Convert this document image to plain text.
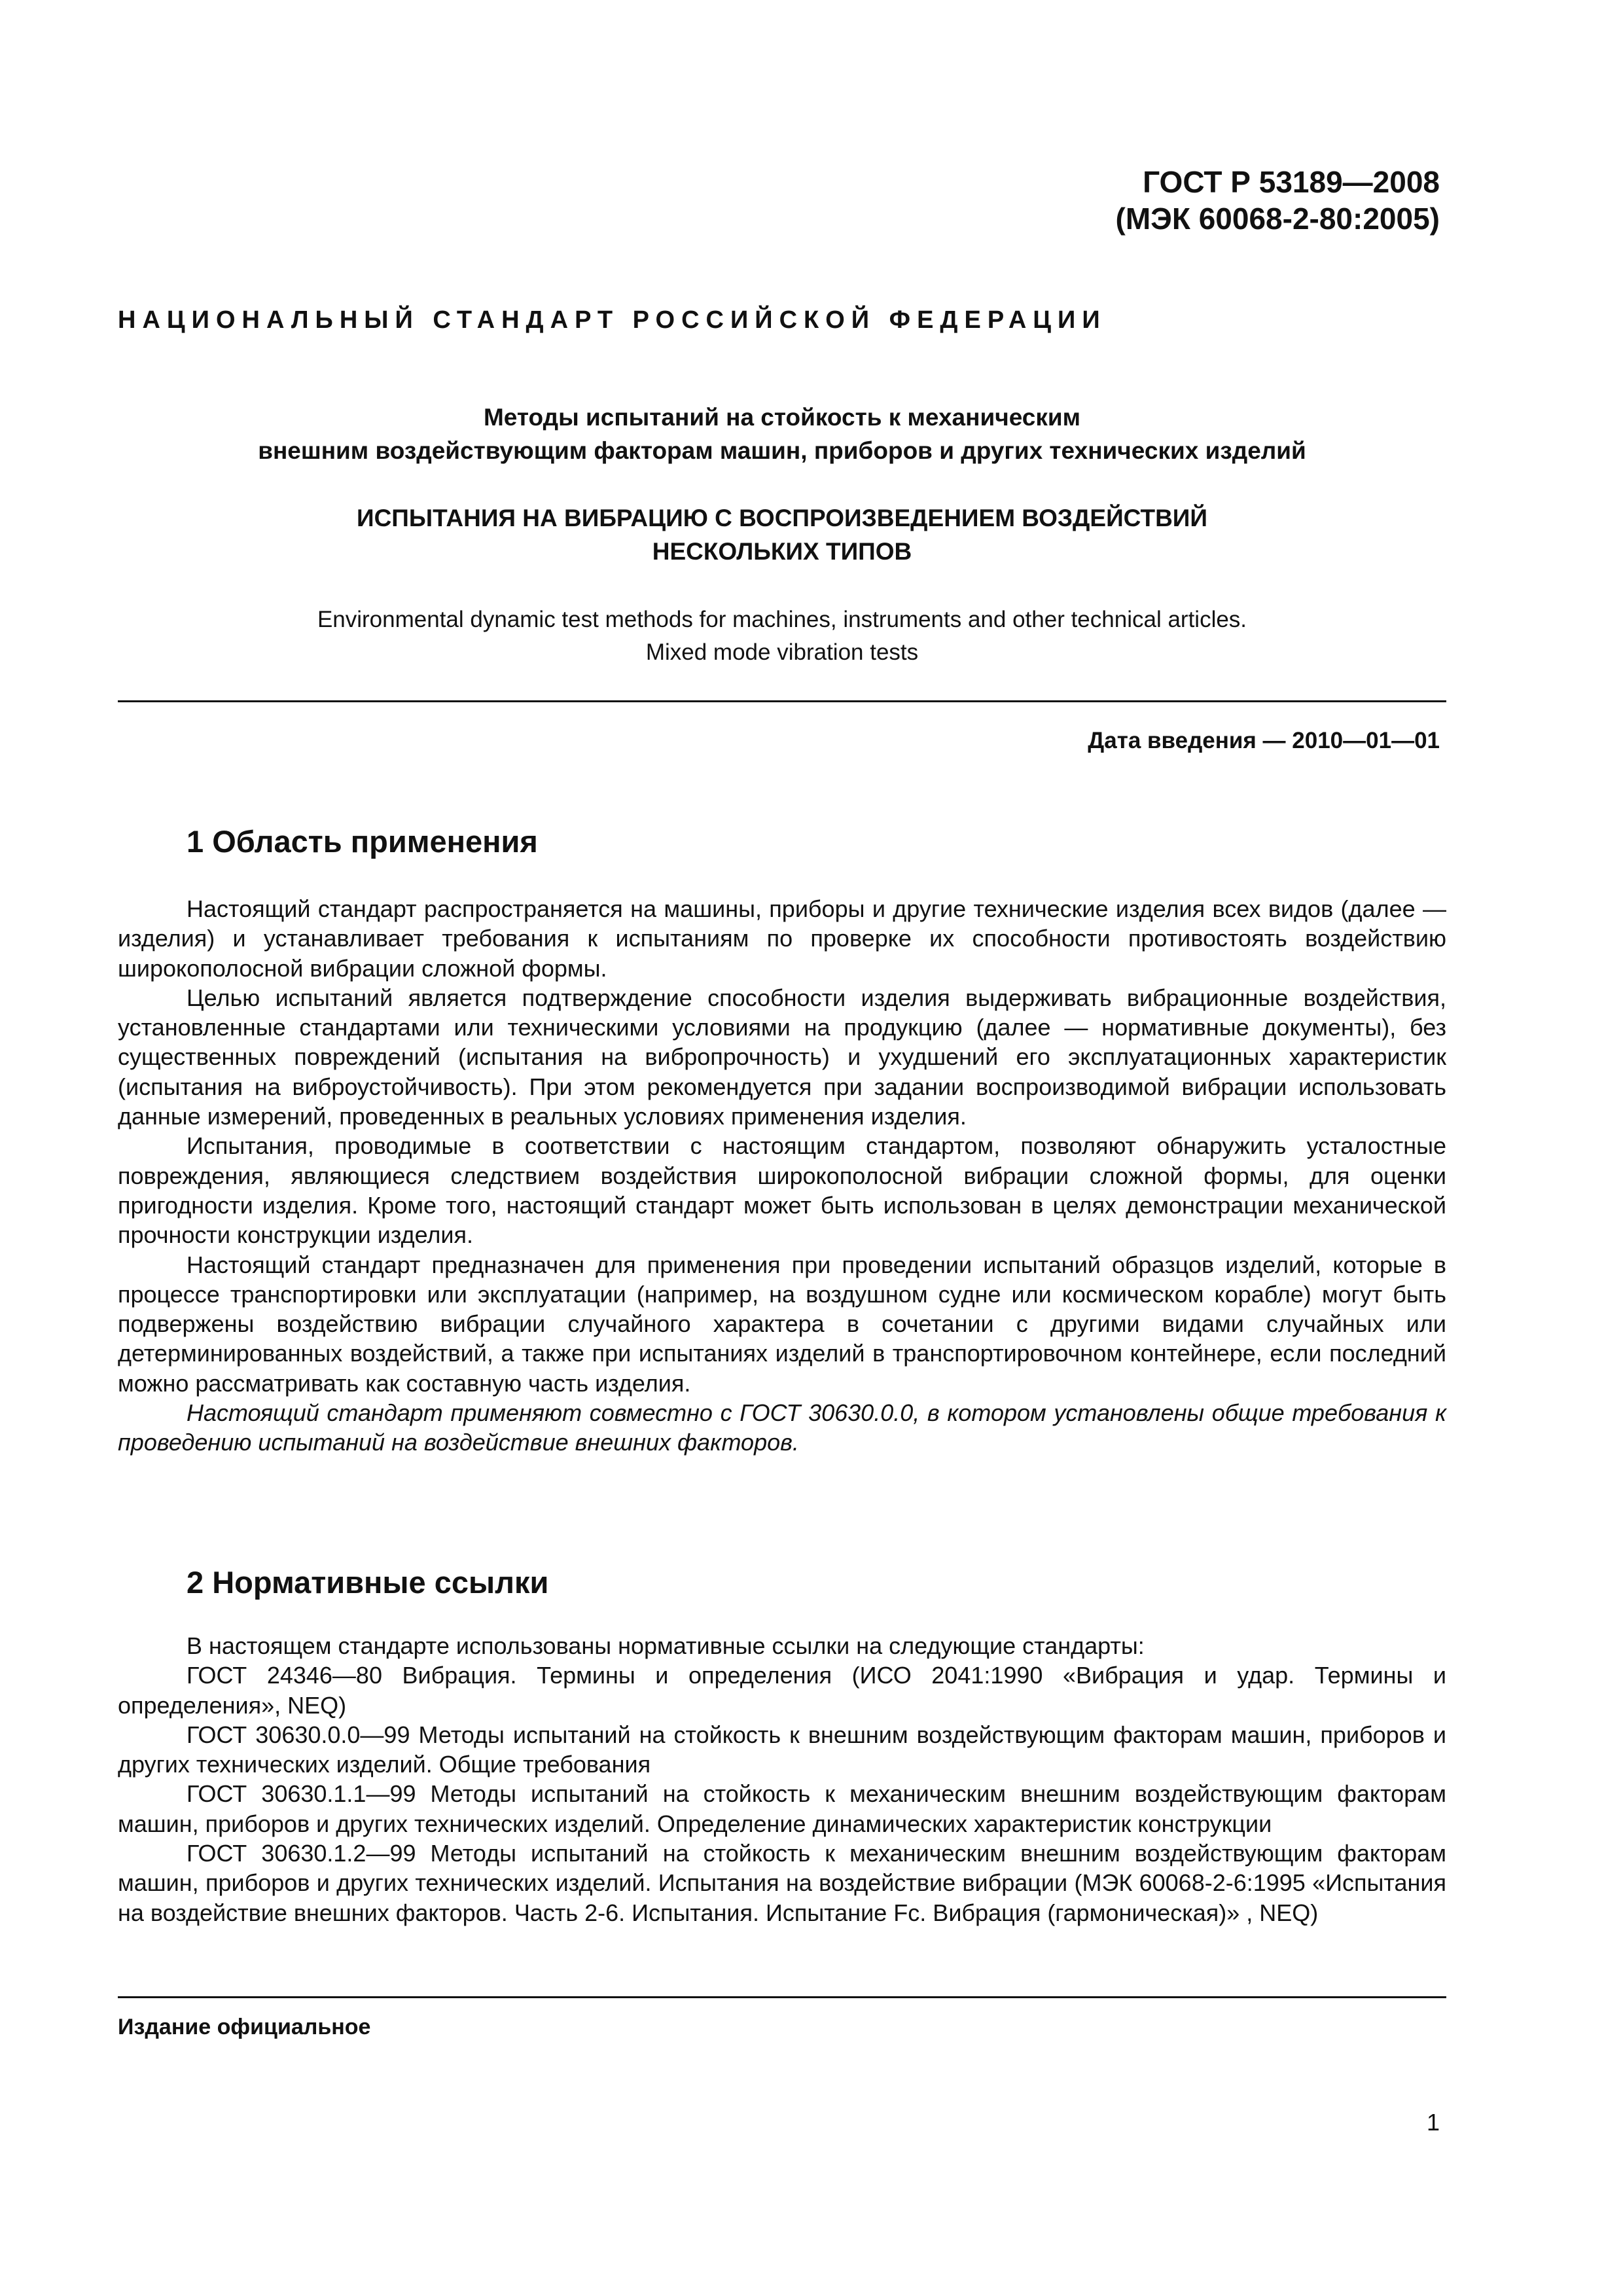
ГОСТ Р 53189—2008
(МЭК 60068-2-80:2005)
НАЦИОНАЛЬНЫЙ СТАНДАРТ РОССИЙСКОЙ ФЕДЕРАЦИИ
Методы испытаний на стойкость к механическим
внешним воздействующим факторам машин, приборов и других технических изделий
ИСПЫТАНИЯ НА ВИБРАЦИЮ С ВОСПРОИЗВЕДЕНИЕМ ВОЗДЕЙСТВИЙ
НЕСКОЛЬКИХ ТИПОВ
Environmental dynamic test methods for machines, instruments and other technical articles.
Mixed mode vibration tests
Дата введения — 2010—01—01
1 Область применения

Настоящий стандарт распространяется на машины, приборы и другие технические изделия всех видов (далее — изделия) и устанавливает требования к испытаниям по проверке их способности противостоять воздействию широкополосной вибрации сложной формы.

Целью испытаний является подтверждение способности изделия выдерживать вибрационные воздействия, установленные стандартами или техническими условиями на продукцию (далее — нормативные документы), без существенных повреждений (испытания на вибропрочность) и ухудшений его эксплуатационных характеристик (испытания на виброустойчивость). При этом рекомендуется при задании воспроизводимой вибрации использовать данные измерений, проведенных в реальных условиях применения изделия.

Испытания, проводимые в соответствии с настоящим стандартом, позволяют обнаружить усталостные повреждения, являющиеся следствием воздействия широкополосной вибрации сложной формы, для оценки пригодности изделия. Кроме того, настоящий стандарт может быть использован в целях демонстрации механической прочности конструкции изделия.

Настоящий стандарт предназначен для применения при проведении испытаний образцов изделий, которые в процессе транспортировки или эксплуатации (например, на воздушном судне или космическом корабле) могут быть подвержены воздействию вибрации случайного характера в сочетании с другими видами случайных или детерминированных воздействий, а также при испытаниях изделий в транспортировочном контейнере, если последний можно рассматривать как составную часть изделия.

Настоящий стандарт применяют совместно с ГОСТ 30630.0.0, в котором установлены общие требования к проведению испытаний на воздействие внешних факторов.

2 Нормативные ссылки

В настоящем стандарте использованы нормативные ссылки на следующие стандарты:

ГОСТ 24346—80 Вибрация. Термины и определения (ИСО 2041:1990 «Вибрация и удар. Термины и определения», NEQ)

ГОСТ 30630.0.0—99 Методы испытаний на стойкость к внешним воздействующим факторам машин, приборов и других технических изделий. Общие требования

ГОСТ 30630.1.1—99 Методы испытаний на стойкость к механическим внешним воздействующим факторам машин, приборов и других технических изделий. Определение динамических характеристик конструкции

ГОСТ 30630.1.2—99 Методы испытаний на стойкость к механическим внешним воздействующим факторам машин, приборов и других технических изделий. Испытания на воздействие вибрации (МЭК 60068-2-6:1995 «Испытания на воздействие внешних факторов. Часть 2-6. Испытания. Испытание Fc. Вибрация (гармоническая)» , NEQ)

Издание официальное
1
